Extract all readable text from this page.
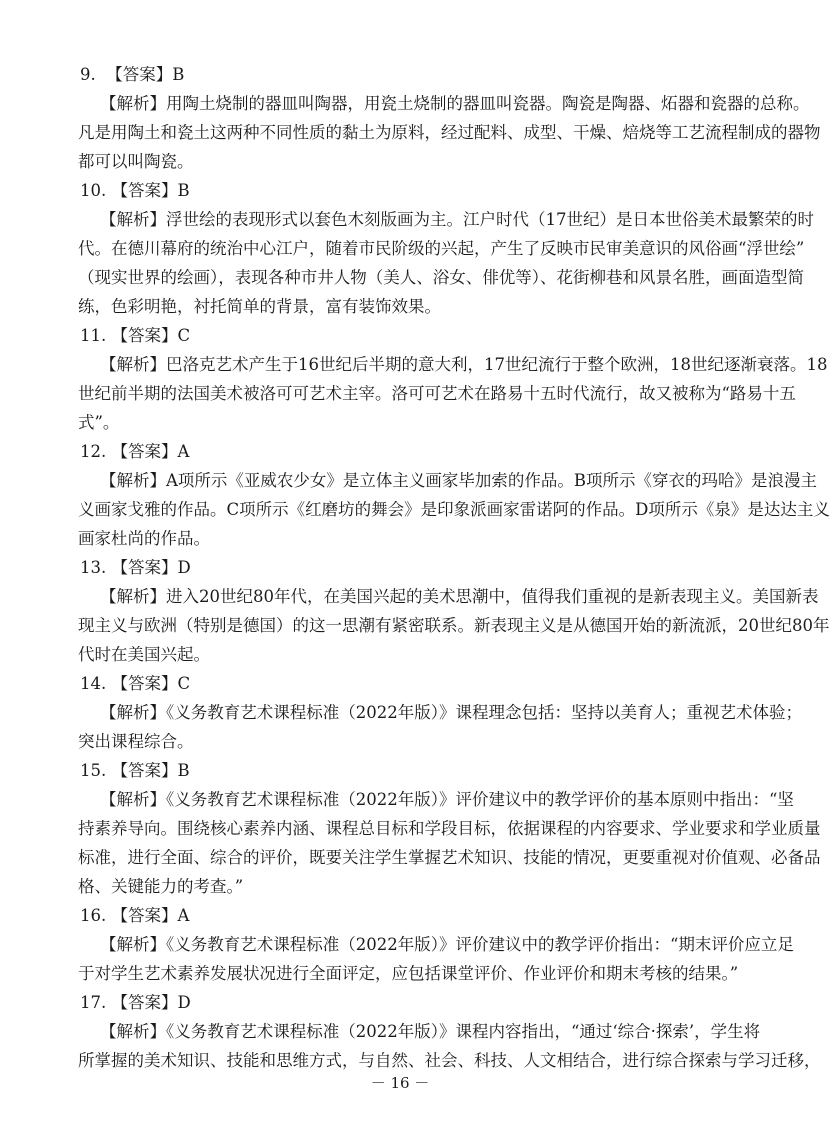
9.  【答案】B
【解析】用陶土烧制的器皿叫陶器，用瓷土烧制的器皿叫瓷器。陶瓷是陶器、炻器和瓷器的总称。
凡是用陶土和瓷土这两种不同性质的黏土为原料，经过配料、成型、干燥、焙烧等工艺流程制成的器物
都可以叫陶瓷。
10. 【答案】B
【解析】浮世绘的表现形式以套色木刻版画为主。江户时代（17世纪）是日本世俗美术最繁荣的时
代。在德川幕府的统治中心江户，随着市民阶级的兴起，产生了反映市民审美意识的风俗画“浮世绘”
（现实世界的绘画），表现各种市井人物（美人、浴女、俳优等）、花街柳巷和风景名胜，画面造型简
练，色彩明艳，衬托简单的背景，富有装饰效果。
11. 【答案】C
【解析】巴洛克艺术产生于16世纪后半期的意大利，17世纪流行于整个欧洲，18世纪逐渐衰落。18
世纪前半期的法国美术被洛可可艺术主宰。洛可可艺术在路易十五时代流行，故又被称为“路易十五
式”。
12. 【答案】A
【解析】A项所示《亚威农少女》是立体主义画家毕加索的作品。B项所示《穿衣的玛哈》是浪漫主
义画家戈雅的作品。C项所示《红磨坊的舞会》是印象派画家雷诺阿的作品。D项所示《泉》是达达主义
画家杜尚的作品。
13. 【答案】D
【解析】进入20世纪80年代，在美国兴起的美术思潮中，值得我们重视的是新表现主义。美国新表
现主义与欧洲（特别是德国）的这一思潮有紧密联系。新表现主义是从德国开始的新流派，20世纪80年
代时在美国兴起。
14. 【答案】C
【解析】《义务教育艺术课程标准（2022年版）》课程理念包括：坚持以美育人；重视艺术体验；
突出课程综合。
15. 【答案】B
【解析】《义务教育艺术课程标准（2022年版）》评价建议中的教学评价的基本原则中指出：“坚
持素养导向。围绕核心素养内涵、课程总目标和学段目标，依据课程的内容要求、学业要求和学业质量
标准，进行全面、综合的评价，既要关注学生掌握艺术知识、技能的情况，更要重视对价值观、必备品
格、关键能力的考查。”
16. 【答案】A
【解析】《义务教育艺术课程标准（2022年版）》评价建议中的教学评价指出：“期末评价应立足
于对学生艺术素养发展状况进行全面评定，应包括课堂评价、作业评价和期末考核的结果。”
17. 【答案】D
【解析】《义务教育艺术课程标准（2022年版）》课程内容指出，“通过‘综合·探索’，学生将
所掌握的美术知识、技能和思维方式，与自然、社会、科技、人文相结合，进行综合探索与学习迁移，
－ 16 －
